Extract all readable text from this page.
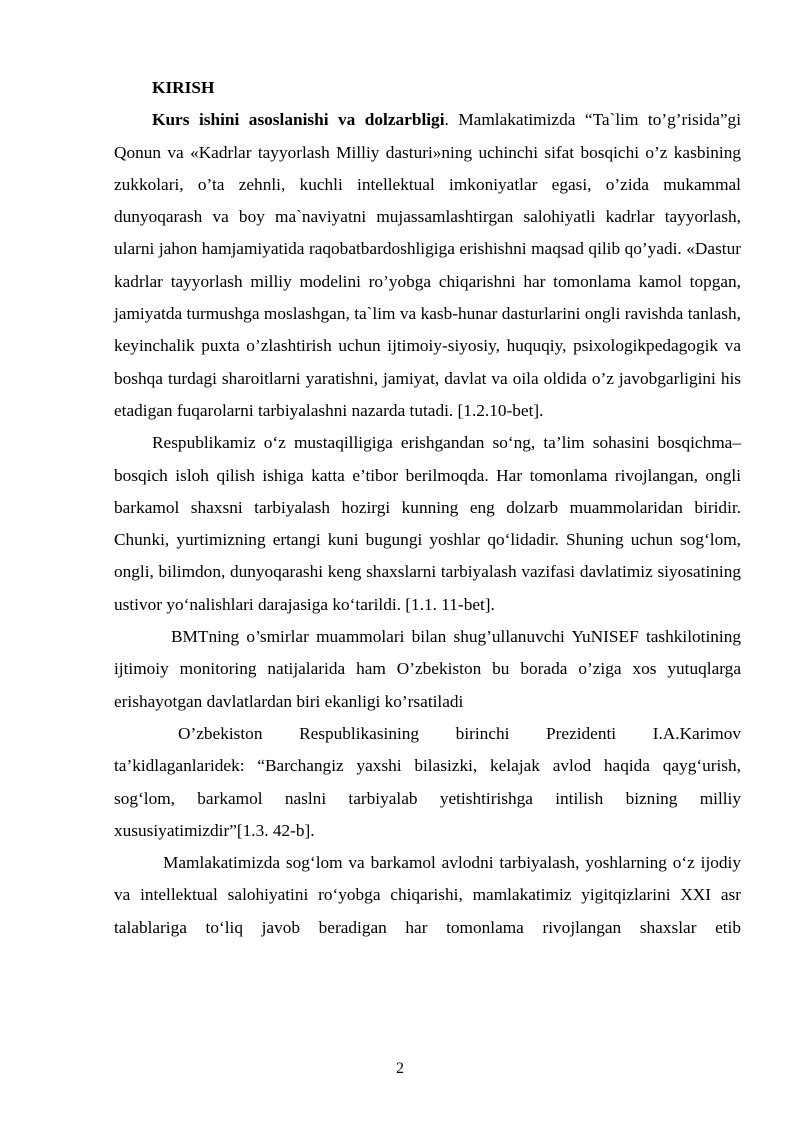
KIRISH

Kurs ishini asoslanishi va dolzarbligi. Mamlakatimizda “Ta`lim to’g’risida”gi Qonun va «Kadrlar tayyorlash Milliy dasturi»ning uchinchi sifat bosqichi o’z kasbining zukkolari, o’ta zehnli, kuchli intellektual imkoniyatlar egasi, o’zida mukammal dunyoqarash va boy ma`naviyatni mujassamlashtirgan salohiyatli kadrlar tayyorlash, ularni jahon hamjamiyatida raqobatbardoshligiga erishishni maqsad qilib qo’yadi. «Dastur kadrlar tayyorlash milliy modelini ro’yobga chiqarishni har tomonlama kamol topgan, jamiyatda turmushga moslashgan, ta`lim va kasb-hunar dasturlarini ongli ravishda tanlash, keyinchalik puxta o’zlashtirish uchun ijtimoiy-siyosiy, huquqiy, psixologikpedagogik va boshqa turdagi sharoitlarni yaratishni, jamiyat, davlat va oila oldida o’z javobgarligini his etadigan fuqarolarni tarbiyalashni nazarda tutadi. [1.2.10-bet].

Respublikamiz o‘z mustaqilligiga erishgandan so‘ng, ta’lim sohasini bosqichma–bosqich isloh qilish ishiga katta e’tibor berilmoqda. Har tomonlama rivojlangan, ongli barkamol shaxsni tarbiyalash hozirgi kunning eng dolzarb muammolaridan biridir. Chunki, yurtimizning ertangi kuni bugungi yoshlar qo‘lidadir. Shuning uchun sog‘lom, ongli, bilimdon, dunyoqarashi keng shaxslarni tarbiyalash vazifasi davlatimiz siyosatining ustivor yo‘nalishlari darajasiga ko‘tarildi. [1.1. 11-bet].

BMTning o’smirlar muammolari bilan shug’ullanuvchi YuNISEF tashkilotining ijtimoiy monitoring natijalarida ham O’zbekiston bu borada o’ziga xos yutuqlarga erishayotgan davlatlardan biri ekanligi ko’rsatiladi

O’zbekiston Respublikasining birinchi Prezidenti I.A.Karimov ta’kidlaganlaridek: “Barchangiz yaxshi bilasizki, kelajak avlod haqida qayg‘urish, sog‘lom, barkamol naslni tarbiyalab yetishtirishga intilish bizning milliy xususiyatimizdir”[1.3. 42-b].

Mamlakatimizda sog‘lom va barkamol avlodni tarbiyalash, yoshlarning o‘z ijodiy va intellektual salohiyatini ro‘yobga chiqarishi, mamlakatimiz yigitqizlarini XXI asr talablariga to‘liq javob beradigan har tomonlama rivojlangan shaxslar etib

2
